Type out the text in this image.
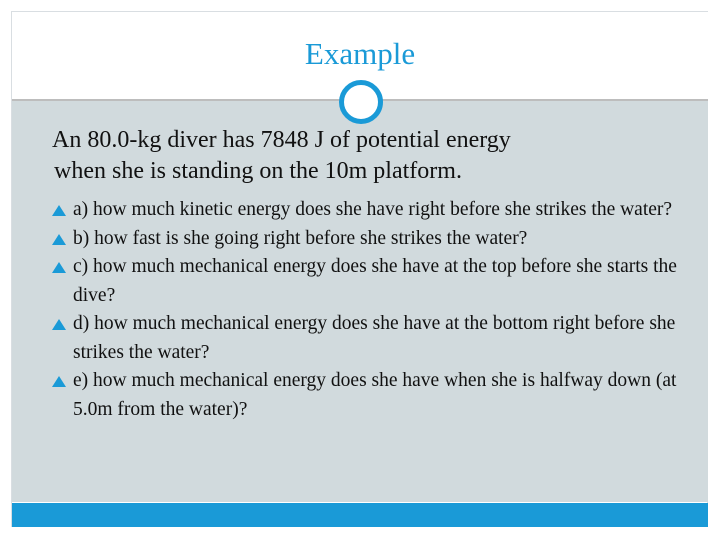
Example
An 80.0-kg diver has 7848 J of potential energy
when she is standing on the 10m platform.
a) how much kinetic energy does she have right before she strikes the water?
b) how fast is she going right before she strikes the water?
c) how much mechanical energy does she have at the top before she starts the dive?
d) how much mechanical energy does she have at the bottom right before she strikes the water?
e) how much mechanical energy does she have when she is halfway down (at 5.0m from the water)?
